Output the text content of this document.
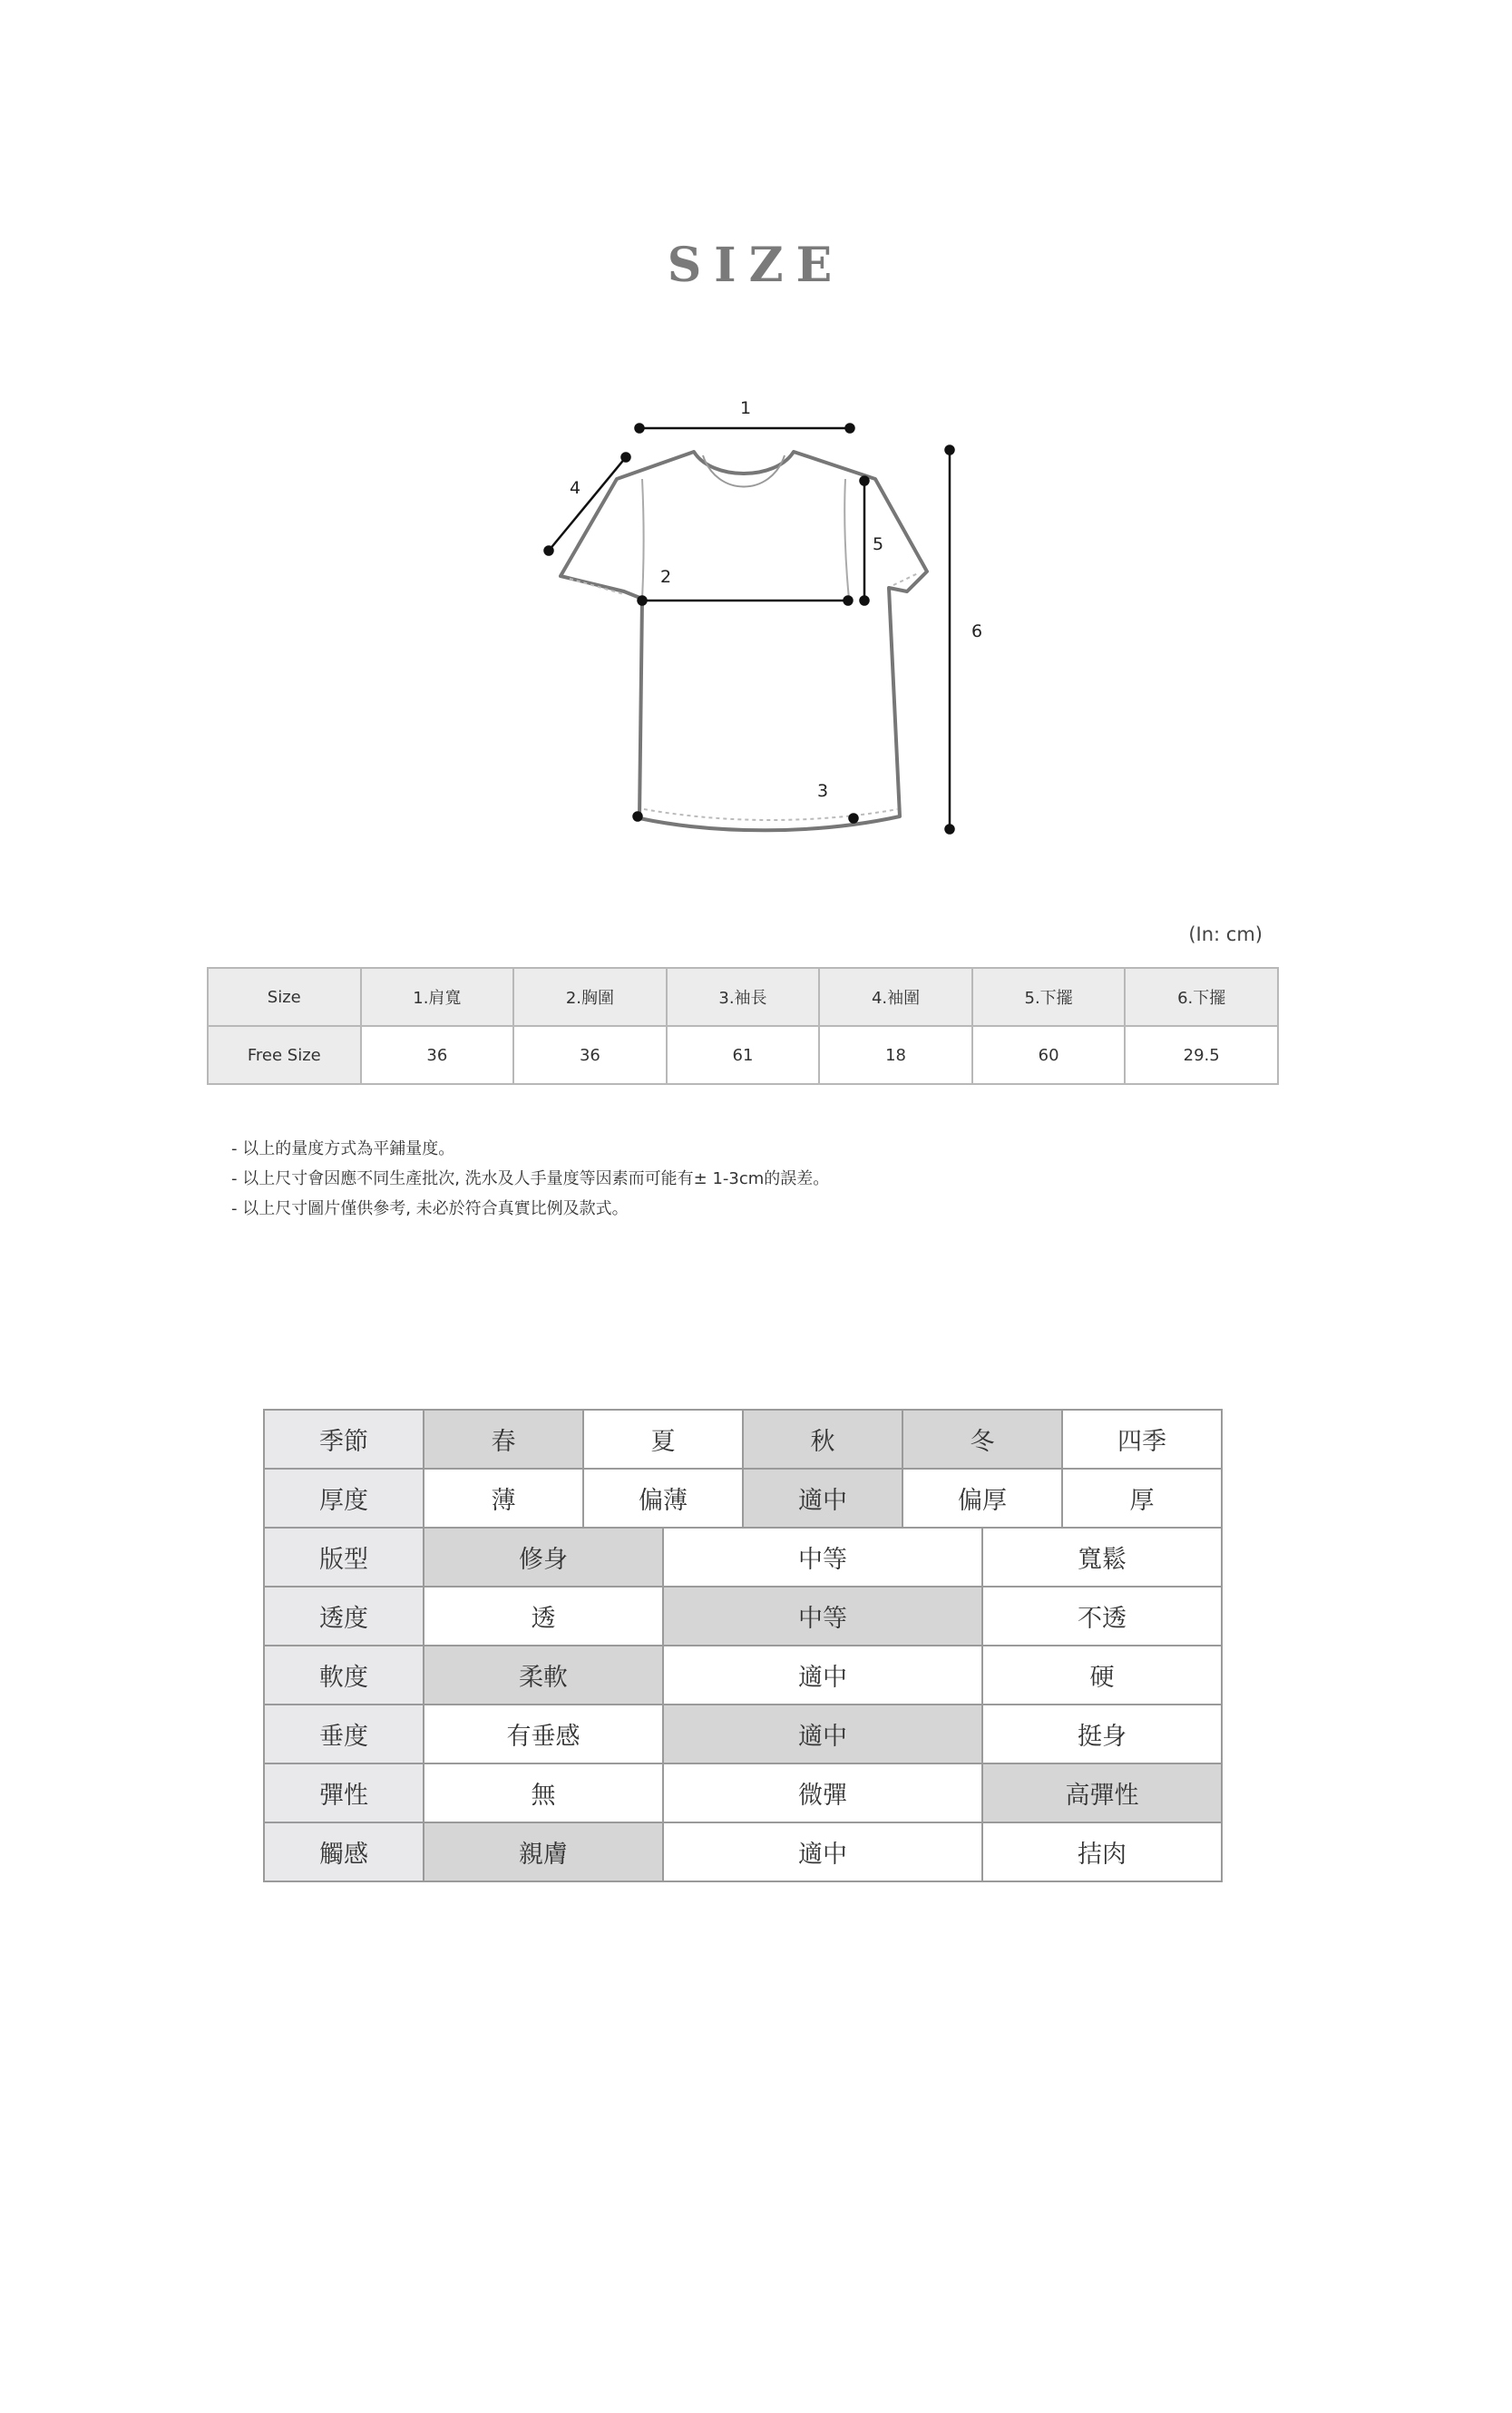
SIZE
1
2
3
4
5
6
(In: cm)
Size	1.肩寬	2.胸圍	3.袖長	4.袖圍	5.下擺	6.下擺
Free Size	36	36	61	18	60	29.5
- 以上的量度方式為平鋪量度。
- 以上尺寸會因應不同生產批次, 洗水及人手量度等因素而可能有± 1-3cm的誤差。
- 以上尺寸圖片僅供參考, 未必於符合真實比例及款式。
季節	春	夏		秋	冬		四季
厚度	薄	偏薄		適中	偏厚		厚
版型	修身		中等			寬鬆	
透度	透		中等			不透	
軟度	柔軟		適中			硬	
垂度	有垂感		適中			挺身	
彈性	無		微彈			高彈性	
觸感	親膚		適中			拮肉	
